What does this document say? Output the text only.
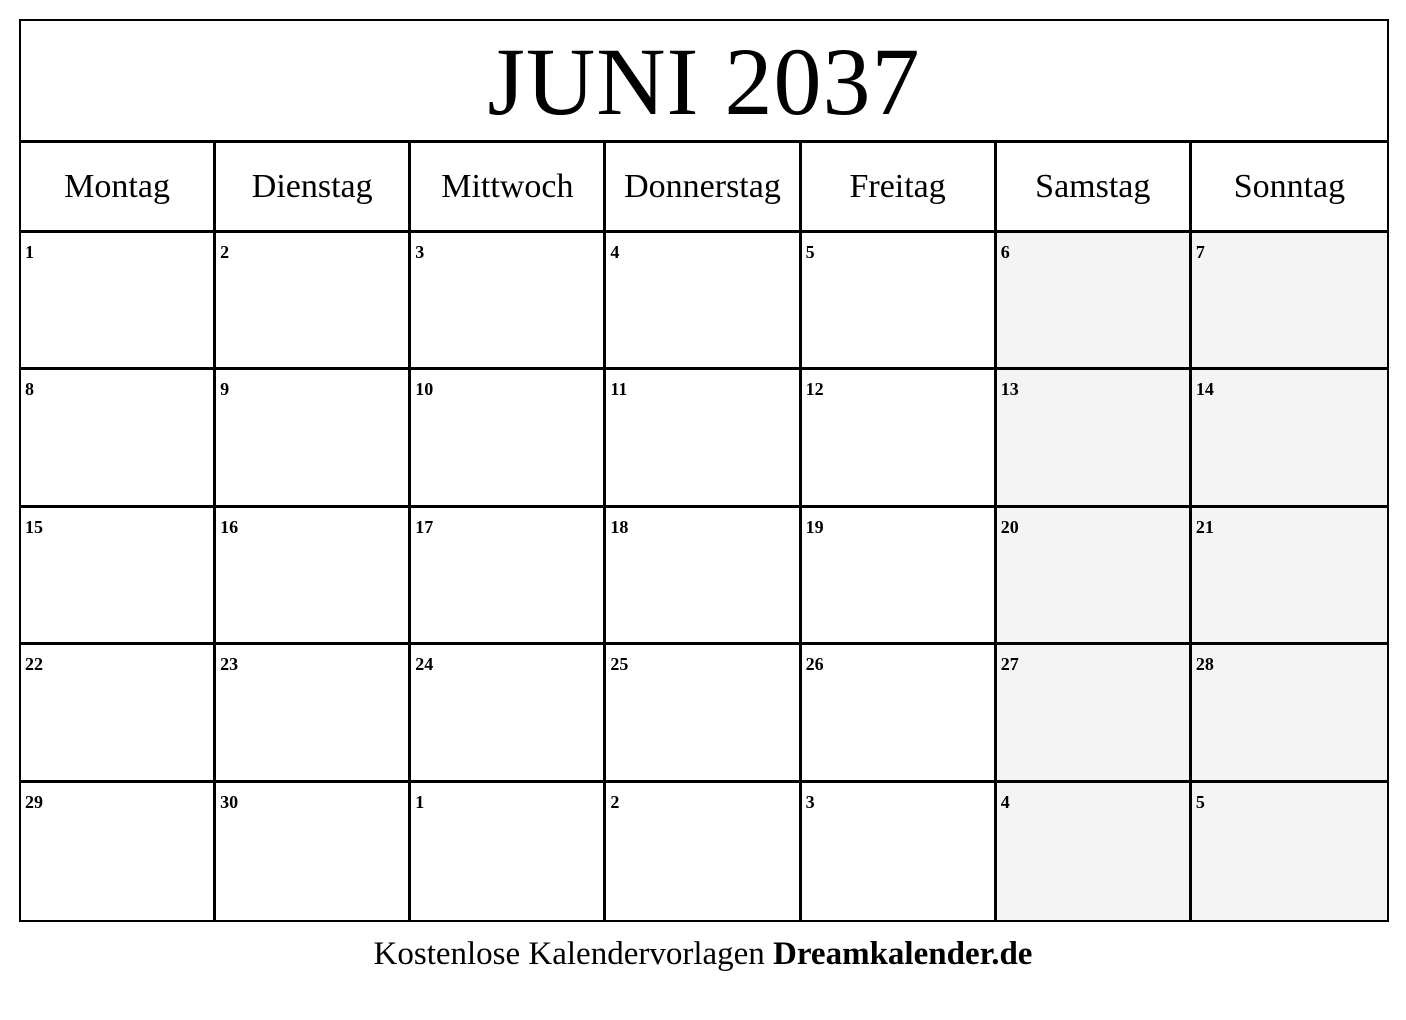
JUNI 2037
Montag	Dienstag	Mittwoch	Donnerstag	Freitag	Samstag	Sonntag
1	2	3	4	5	6	7
8	9	10	11	12	13	14
15	16	17	18	19	20	21
22	23	24	25	26	27	28
29	30	1	2	3	4	5
Kostenlose Kalendervorlagen Dreamkalender.de
